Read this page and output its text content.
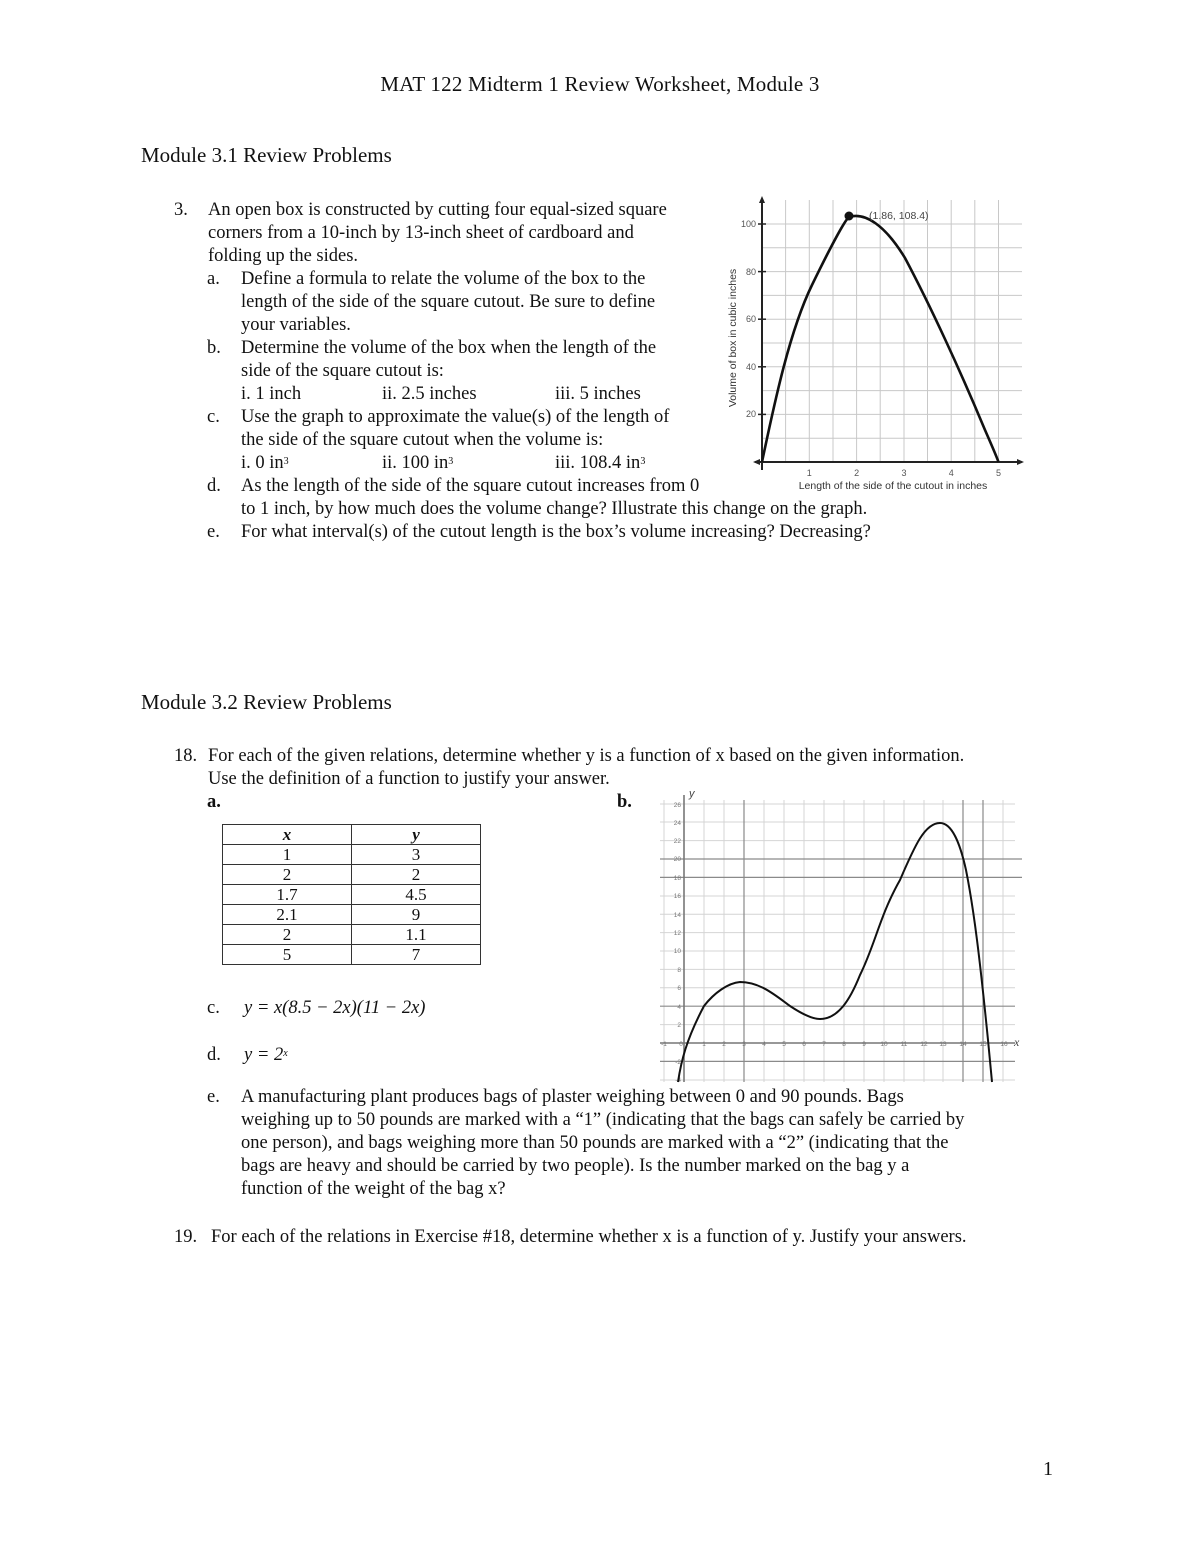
MAT 122 Midterm 1 Review Worksheet, Module 3
Module 3.1 Review Problems
3. An open box is constructed by cutting four equal-sized square
corners from a 10-inch by 13-inch sheet of cardboard and
folding up the sides.
a. Define a formula to relate the volume of the box to the
length of the side of the square cutout. Be sure to define
your variables.
b. Determine the volume of the box when the length of the
side of the square cutout is:
i. 1 inch	ii. 2.5 inches	iii. 5 inches
c. Use the graph to approximate the value(s) of the length of
the side of the square cutout when the volume is:
i. 0 $in^3$	ii. 100 $in^3$	iii. 108.4 $in^3$
d. As the length of the side of the square cutout increases from 0
to 1 inch, by how much does the volume change? Illustrate this change on the graph.
e. For what interval(s) of the cutout length is the box’s volume increasing? Decreasing?
20
40
60
80
100
1	2	3	4	5
Length of the side of the cutout in inches
Volume of box in cubic inches
(1.86, 108.4)
Module 3.2 Review Problems
18. For each of the given relations, determine whether y is a function of x based on the given information.
Use the definition of a function to justify your answer.
a.	b.
x	y
1	3
2	2
1.7	4.5
2.1	9
2	1.1
5	7
c. y = x(8.5 − 2x)(11 − 2x)
d. $y = 2^x$
e. A manufacturing plant produces bags of plaster weighing between 0 and 90 pounds. Bags
weighing up to 50 pounds are marked with a “1” (indicating that the bags can safely be carried by
one person), and bags weighing more than 50 pounds are marked with a “2” (indicating that the
bags are heavy and should be carried by two people). Is the number marked on the bag y a
function of the weight of the bag x?
19. For each of the relations in Exercise #18, determine whether x is a function of y. Justify your answers.
y
x
-1 0	1	2	3	4	5	6	7	8	9 10 11 12 13 14 15 16
-4
-2
2
4
6
8
10
12
14
16
18
20
22
24
26
1
